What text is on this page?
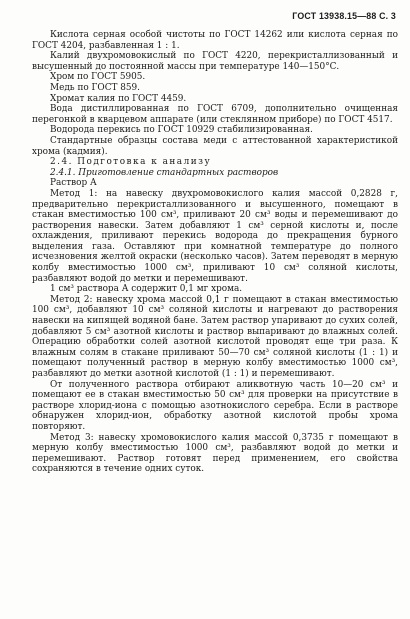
ГОСТ 13938.15—88 С. 3

Кислота серная особой чистоты по ГОСТ 14262 или кислота серная по ГОСТ 4204, разбавленная 1 : 1.

Калий двухромовокислый по ГОСТ 4220, перекристаллизованный и высушенный до постоянной массы при температуре 140—150°С.

Хром по ГОСТ 5905.

Медь по ГОСТ 859.

Хромат калия по ГОСТ 4459.

Вода дистиллированная по ГОСТ 6709, дополнительно очищенная перегонкой в кварцевом аппарате (или стеклянном приборе) по ГОСТ 4517.

Водорода перекись по ГОСТ 10929 стабилизированная.

Стандартные образцы состава меди с аттестованной характеристикой хрома (кадмия).

2.4. Подготовка к анализу

2.4.1. Приготовление стандартных растворов

Раствор А

Метод 1: на навеску двухромовокислого калия массой 0,2828 г, предварительно перекристаллизованного и высушенного, помещают в стакан вместимостью 100 см³, приливают 20 см³ воды и перемешивают до растворения навески. Затем добавляют 1 см³ серной кислоты и, после охлаждения, приливают перекись водорода до прекращения бурного выделения газа. Оставляют при комнатной температуре до полного исчезновения желтой окраски (несколько часов). Затем переводят в мерную колбу вместимостью 1000 см³, приливают 10 см³ соляной кислоты, разбавляют водой до метки и перемешивают.

1 см³ раствора А содержит 0,1 мг хрома.

Метод 2: навеску хрома массой 0,1 г помещают в стакан вместимостью 100 см³, добавляют 10 см³ соляной кислоты и нагревают до растворения навески на кипящей водяной бане. Затем раствор упаривают до сухих солей, добавляют 5 см³ азотной кислоты и раствор выпаривают до влажных солей. Операцию обработки солей азотной кислотой проводят еще три раза. К влажным солям в стакане приливают 50—70 см³ соляной кислоты (1 : 1) и помещают полученный раствор в мерную колбу вместимостью 1000 см³, разбавляют до метки азотной кислотой (1 : 1) и перемешивают.

От полученного раствора отбирают аликвотную часть 10—20 см³ и помещают ее в стакан вместимостью 50 см³ для проверки на присутствие в растворе хлорид-иона с помощью азотнокислого серебра. Если в растворе обнаружен хлорид-ион, обработку азотной кислотой пробы хрома повторяют.

Метод 3: навеску хромовокислого калия массой 0,3735 г помещают в мерную колбу вместимостью 1000 см³, разбавляют водой до метки и перемешивают. Раствор готовят перед применением, его свойства сохраняются в течение одних суток.
